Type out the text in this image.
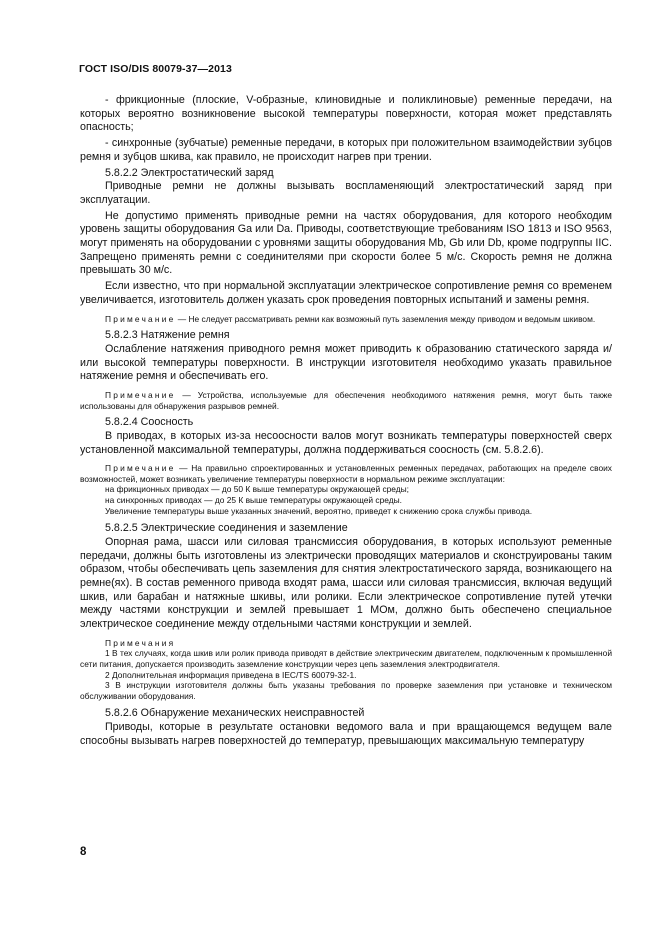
ГОСТ ISO/DIS 80079-37—2013

- фрикционные (плоские, V-образные, клиновидные и поликлиновые) ременные передачи, на которых вероятно возникновение высокой температуры поверхности, которая может представлять опасность;

- синхронные (зубчатые) ременные передачи, в которых при положительном взаимодействии зубцов ремня и зубцов шкива, как правило, не происходит нагрев при трении.

5.8.2.2 Электростатический заряд

Приводные ремни не должны вызывать воспламеняющий электростатический заряд при эксплуатации.

Не допустимо применять приводные ремни на частях оборудования, для которого необходим уровень защиты оборудования Ga или Da. Приводы, соответствующие требованиям ISO 1813 и ISO 9563, могут применять на оборудовании с уровнями защиты оборудования Mb, Gb или Db, кроме подгруппы IIC. Запрещено применять ремни с соединителями при скорости более 5 м/с. Скорость ремня не должна превышать 30 м/с.

Если известно, что при нормальной эксплуатации электрическое сопротивление ремня со временем увеличивается, изготовитель должен указать срок проведения повторных испытаний и замены ремня.

Примечание — Не следует рассматривать ремни как возможный путь заземления между приводом и ведомым шкивом.

5.8.2.3 Натяжение ремня

Ослабление натяжения приводного ремня может приводить к образованию статического заряда и/или высокой температуры поверхности. В инструкции изготовителя необходимо указать правильное натяжение ремня и обеспечивать его.

Примечание — Устройства, используемые для обеспечения необходимого натяжения ремня, могут быть также использованы для обнаружения разрывов ремней.

5.8.2.4 Соосность

В приводах, в которых из-за несоосности валов могут возникать температуры поверхностей сверх установленной максимальной температуры, должна поддерживаться соосность (см. 5.8.2.6).

Примечание — На правильно спроектированных и установленных ременных передачах, работающих на пределе своих возможностей, может возникать увеличение температуры поверхности в нормальном режиме эксплуатации:

на фрикционных приводах — до 50 К выше температуры окружающей среды;

на синхронных приводах — до 25 К выше температуры окружающей среды.

Увеличение температуры выше указанных значений, вероятно, приведет к снижению срока службы привода.

5.8.2.5 Электрические соединения и заземление

Опорная рама, шасси или силовая трансмиссия оборудования, в которых используют ременные передачи, должны быть изготовлены из электрически проводящих материалов и сконструированы таким образом, чтобы обеспечивать цепь заземления для снятия электростатического заряда, возникающего на ремне(ях). В состав ременного привода входят рама, шасси или силовая трансмиссия, включая ведущий шкив, или барабан и натяжные шкивы, или ролики. Если электрическое сопротивление путей утечки между частями конструкции и землей превышает 1 МОм, должно быть обеспечено специальное электрическое соединение между отдельными частями конструкции и землей.

Примечания

1 В тех случаях, когда шкив или ролик привода приводят в действие электрическим двигателем, подключенным к промышленной сети питания, допускается производить заземление конструкции через цепь заземления электродвигателя.

2 Дополнительная информация приведена в IEC/TS 60079-32-1.

3 В инструкции изготовителя должны быть указаны требования по проверке заземления при установке и техническом обслуживании оборудования.

5.8.2.6 Обнаружение механических неисправностей

Приводы, которые в результате остановки ведомого вала и при вращающемся ведущем вале способны вызывать нагрев поверхностей до температур, превышающих максимальную температуру

8
